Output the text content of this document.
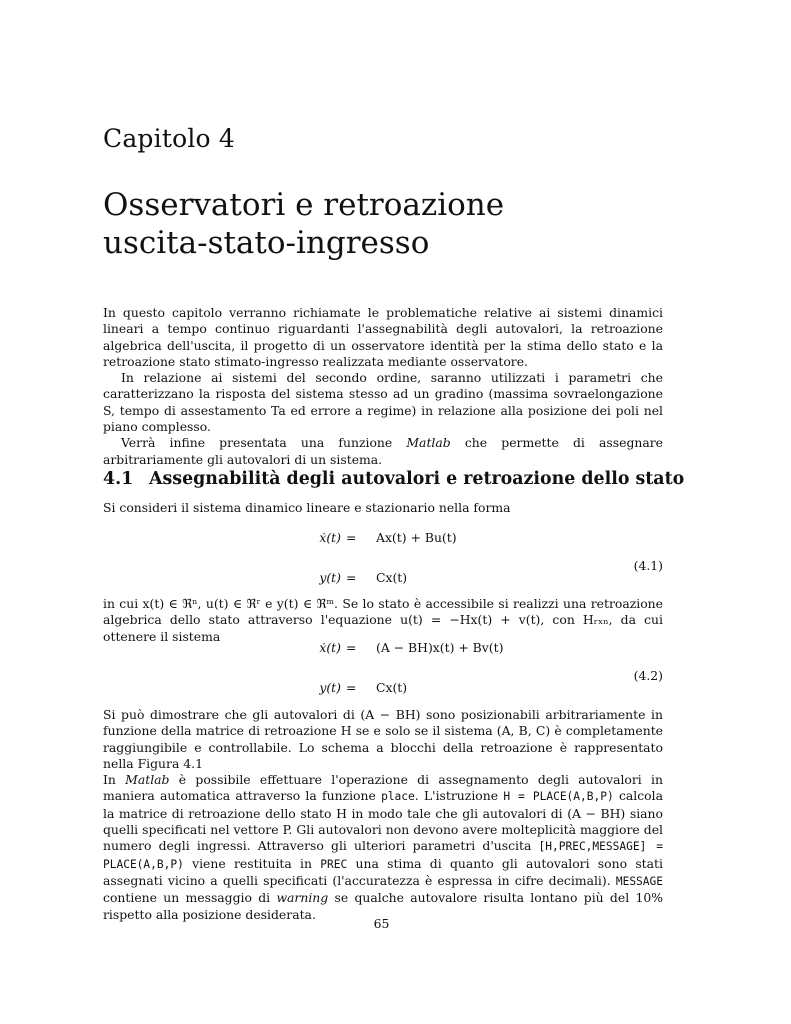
Capitolo 4
Osservatori e retroazione
uscita-stato-ingresso

In questo capitolo verranno richiamate le problematiche relative ai sistemi dinamici lineari a tempo continuo riguardanti l'assegnabilità degli autovalori, la retroazione algebrica dell'uscita, il progetto di un osservatore identità per la stima dello stato e la retroazione stato stimato-ingresso realizzata mediante osservatore.

In relazione ai sistemi del secondo ordine, saranno utilizzati i parametri che caratterizzano la risposta del sistema stesso ad un gradino (massima sovraelongazione S, tempo di assestamento Ta ed errore a regime) in relazione alla posizione dei poli nel piano complesso.

Verrà infine presentata una funzione Matlab che permette di assegnare arbitrariamente gli autovalori di un sistema.

4.1 Assegnabilità degli autovalori e retroazione dello stato
Si consideri il sistema dinamico lineare e stazionario nella forma
ẋ(t) = Ax(t) + Bu(t)
(4.1)
y(t) = Cx(t)
in cui x(t) ∈ ℜⁿ, u(t) ∈ ℜʳ e y(t) ∈ ℜᵐ. Se lo stato è accessibile si realizzi una retroazione algebrica dello stato attraverso l'equazione u(t) = −Hx(t) + v(t), con Hᵣₓₙ, da cui ottenere il sistema
ẋ(t) = (A − BH)x(t) + Bv(t)
(4.2)
y(t) = Cx(t)

Si può dimostrare che gli autovalori di (A − BH) sono posizionabili arbitrariamente in funzione della matrice di retroazione H se e solo se il sistema (A, B, C) è completamente raggiungibile e controllabile. Lo schema a blocchi della retroazione è rappresentato nella Figura 4.1

In Matlab è possibile effettuare l'operazione di assegnamento degli autovalori in maniera automatica attraverso la funzione place. L'istruzione H = PLACE(A,B,P) calcola la matrice di retroazione dello stato H in modo tale che gli autovalori di (A − BH) siano quelli specificati nel vettore P. Gli autovalori non devono avere molteplicità maggiore del numero degli ingressi. Attraverso gli ulteriori parametri d'uscita [H,PREC,MESSAGE] = PLACE(A,B,P) viene restituita in PREC una stima di quanto gli autovalori sono stati assegnati vicino a quelli specificati (l'accuratezza è espressa in cifre decimali). MESSAGE contiene un messaggio di warning se qualche autovalore risulta lontano più del 10% rispetto alla posizione desiderata.

65
